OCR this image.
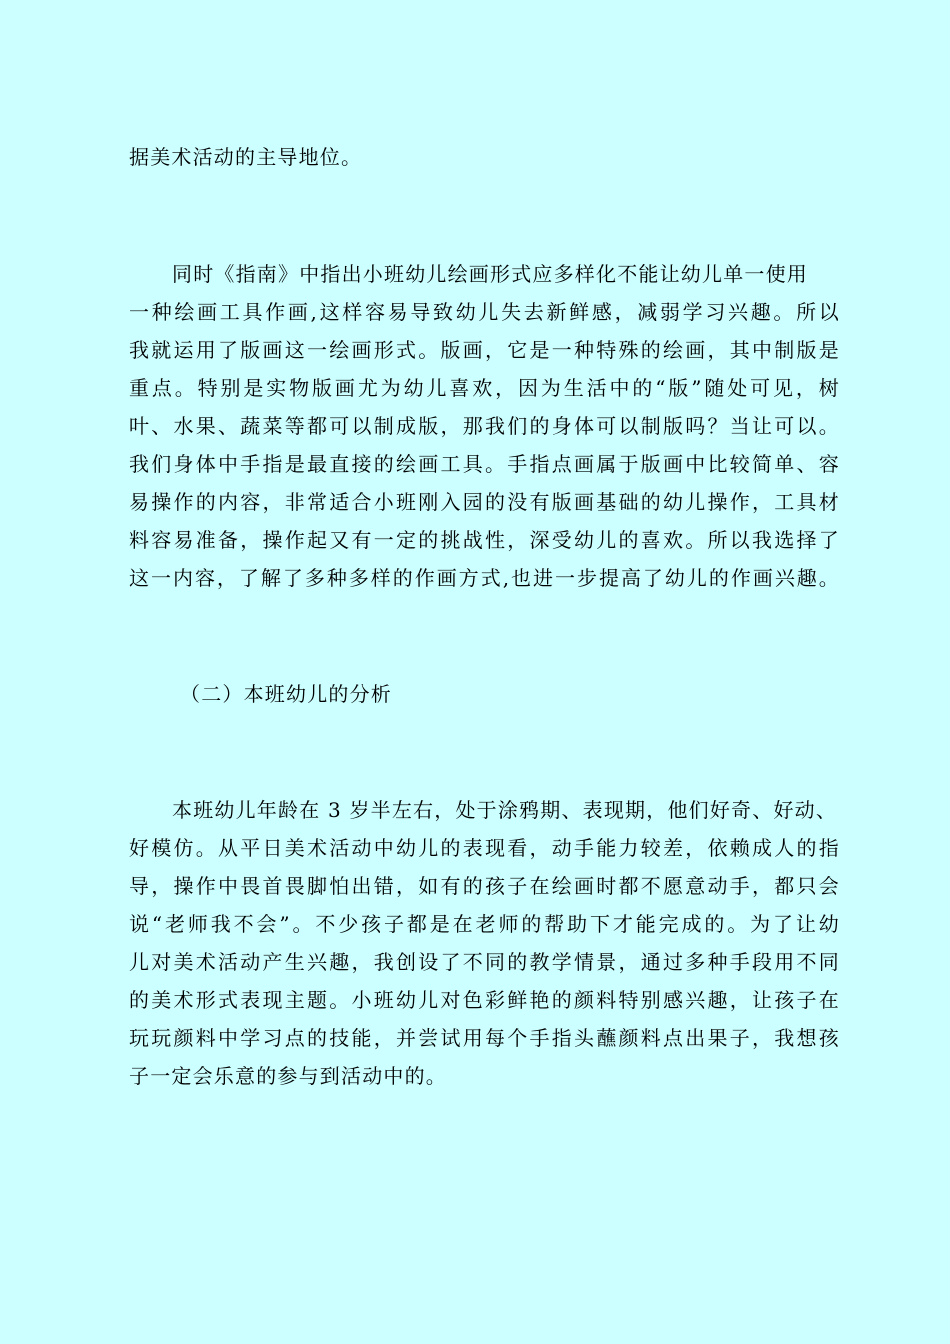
据美术活动的主导地位。
同时《指南》中指出小班幼儿绘画形式应多样化不能让幼儿单一使用
一种绘画工具作画,这样容易导致幼儿失去新鲜感，减弱学习兴趣。所以
我就运用了版画这一绘画形式。版画，它是一种特殊的绘画，其中制版是
重点。特别是实物版画尤为幼儿喜欢，因为生活中的“版”随处可见，树
叶、水果、蔬菜等都可以制成版，那我们的身体可以制版吗？当让可以。
我们身体中手指是最直接的绘画工具。手指点画属于版画中比较简单、容
易操作的内容，非常适合小班刚入园的没有版画基础的幼儿操作，工具材
料容易准备，操作起又有一定的挑战性，深受幼儿的喜欢。所以我选择了
这一内容，了解了多种多样的作画方式,也进一步提高了幼儿的作画兴趣。
（二）本班幼儿的分析
本班幼儿年龄在 3 岁半左右，处于涂鸦期、表现期，他们好奇、好动、
好模仿。从平日美术活动中幼儿的表现看，动手能力较差，依赖成人的指
导，操作中畏首畏脚怕出错，如有的孩子在绘画时都不愿意动手，都只会
说“老师我不会”。不少孩子都是在老师的帮助下才能完成的。为了让幼
儿对美术活动产生兴趣，我创设了不同的教学情景，通过多种手段用不同
的美术形式表现主题。小班幼儿对色彩鲜艳的颜料特别感兴趣，让孩子在
玩玩颜料中学习点的技能，并尝试用每个手指头蘸颜料点出果子，我想孩
子一定会乐意的参与到活动中的。
